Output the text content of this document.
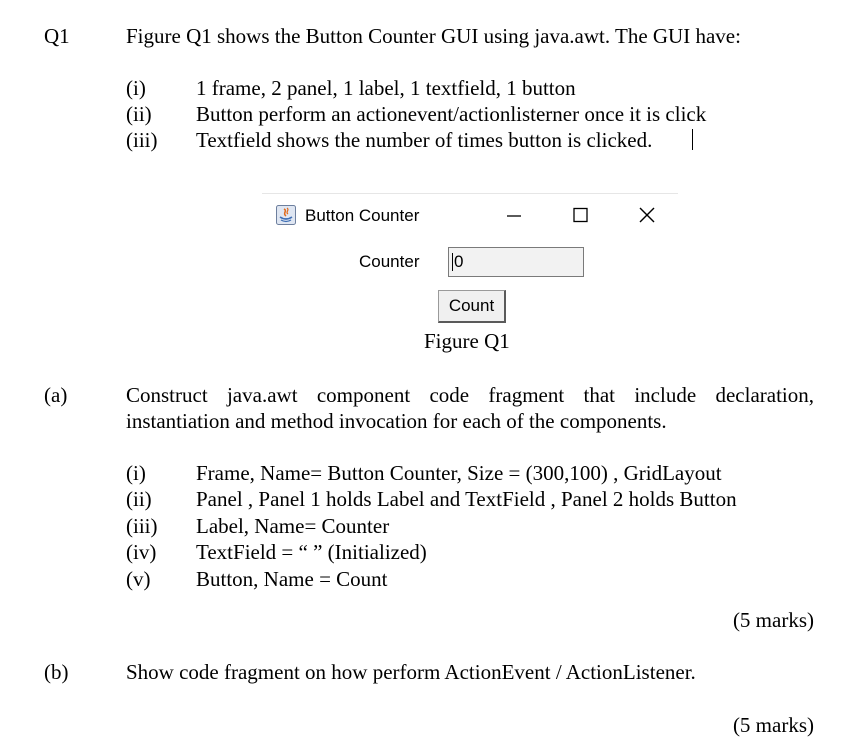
Q1	Figure Q1 shows the Button Counter GUI using java.awt. The GUI have:
(i) 1 frame, 2 panel, 1 label, 1 textfield, 1 button
(ii) Button perform an actionevent/actionlisterner once it is click
(iii) Textfield shows the number of times button is clicked.
Button Counter
Counter	0
Count
Figure Q1
(a)	Construct java.awt component code fragment that include declaration,
instantiation and method invocation for each of the components.
(i) Frame, Name= Button Counter, Size = (300,100) , GridLayout
(ii) Panel , Panel 1 holds Label and TextField , Panel 2 holds Button
(iii) Label, Name= Counter
(iv) TextField = “ ” (Initialized)
(v) Button, Name = Count
(5 marks)
(b)	Show code fragment on how perform ActionEvent / ActionListener.
(5 marks)
